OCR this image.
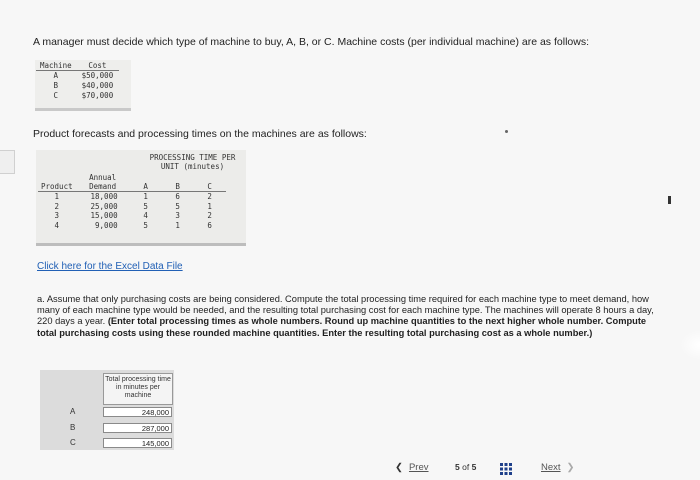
A manager must decide which type of machine to buy, A, B, or C. Machine costs (per individual machine) are as follows:
Machine	Cost
A	$50,000
B	$40,000
C	$70,000
Product forecasts and processing times on the machines are as follows:
PROCESSING TIME PER
UNIT (minutes)
Product	Annual Demand	A	B	C
1	18,000	1	6	2
2	25,000	5	5	1
3	15,000	4	3	2
4	9,000	5	1	6
Click here for the Excel Data File
a. Assume that only purchasing costs are being considered. Compute the total processing time required for each machine type to meet demand, how many of each machine type would be needed, and the resulting total purchasing cost for each machine type. The machines will operate 8 hours a day, 220 days a year. (Enter total processing times as whole numbers. Round up machine quantities to the next higher whole number. Compute total purchasing costs using these rounded machine quantities. Enter the resulting total purchasing cost as a whole number.)
Total processing time in minutes per machine
A	248,000
B	287,000
C	145,000
❮ Prev	5 of 5	Next ❯
